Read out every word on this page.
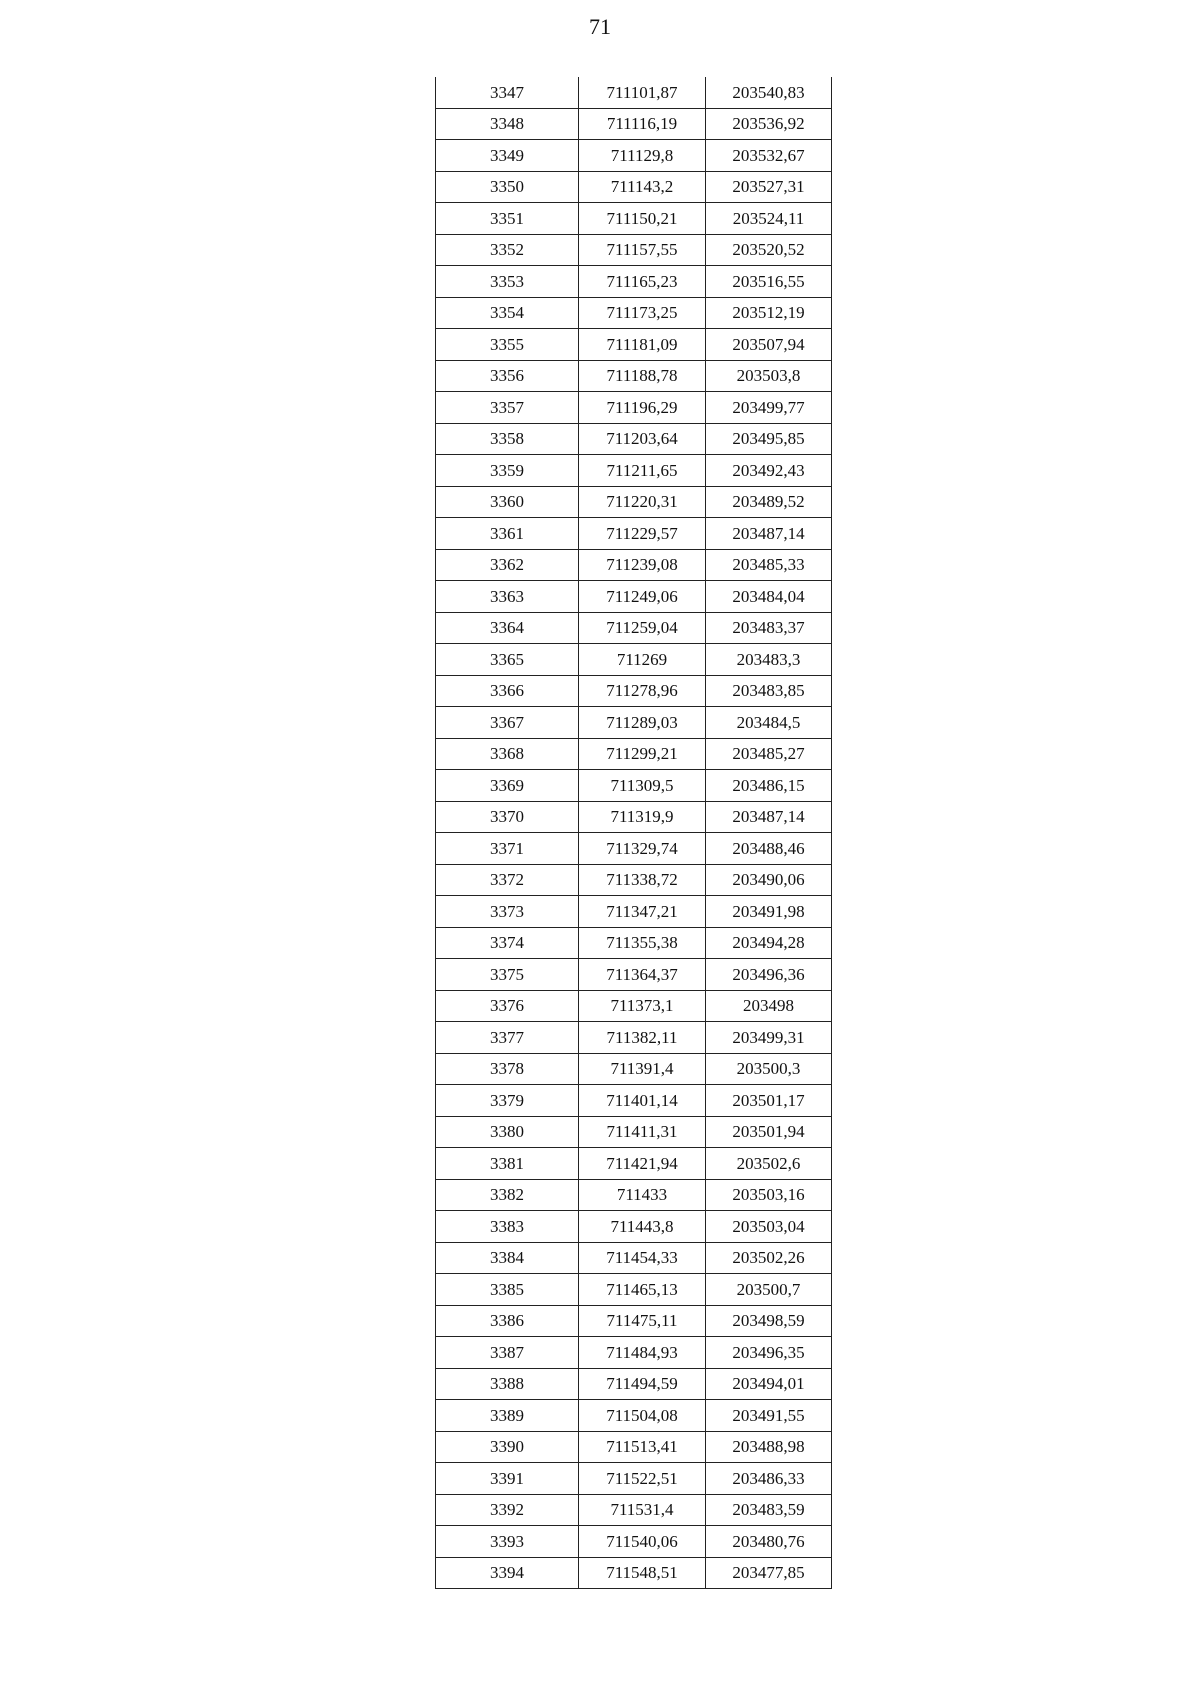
71
3347	711101,87	203540,83
3348	711116,19	203536,92
3349	711129,8	203532,67
3350	711143,2	203527,31
3351	711150,21	203524,11
3352	711157,55	203520,52
3353	711165,23	203516,55
3354	711173,25	203512,19
3355	711181,09	203507,94
3356	711188,78	203503,8
3357	711196,29	203499,77
3358	711203,64	203495,85
3359	711211,65	203492,43
3360	711220,31	203489,52
3361	711229,57	203487,14
3362	711239,08	203485,33
3363	711249,06	203484,04
3364	711259,04	203483,37
3365	711269	203483,3
3366	711278,96	203483,85
3367	711289,03	203484,5
3368	711299,21	203485,27
3369	711309,5	203486,15
3370	711319,9	203487,14
3371	711329,74	203488,46
3372	711338,72	203490,06
3373	711347,21	203491,98
3374	711355,38	203494,28
3375	711364,37	203496,36
3376	711373,1	203498
3377	711382,11	203499,31
3378	711391,4	203500,3
3379	711401,14	203501,17
3380	711411,31	203501,94
3381	711421,94	203502,6
3382	711433	203503,16
3383	711443,8	203503,04
3384	711454,33	203502,26
3385	711465,13	203500,7
3386	711475,11	203498,59
3387	711484,93	203496,35
3388	711494,59	203494,01
3389	711504,08	203491,55
3390	711513,41	203488,98
3391	711522,51	203486,33
3392	711531,4	203483,59
3393	711540,06	203480,76
3394	711548,51	203477,85
